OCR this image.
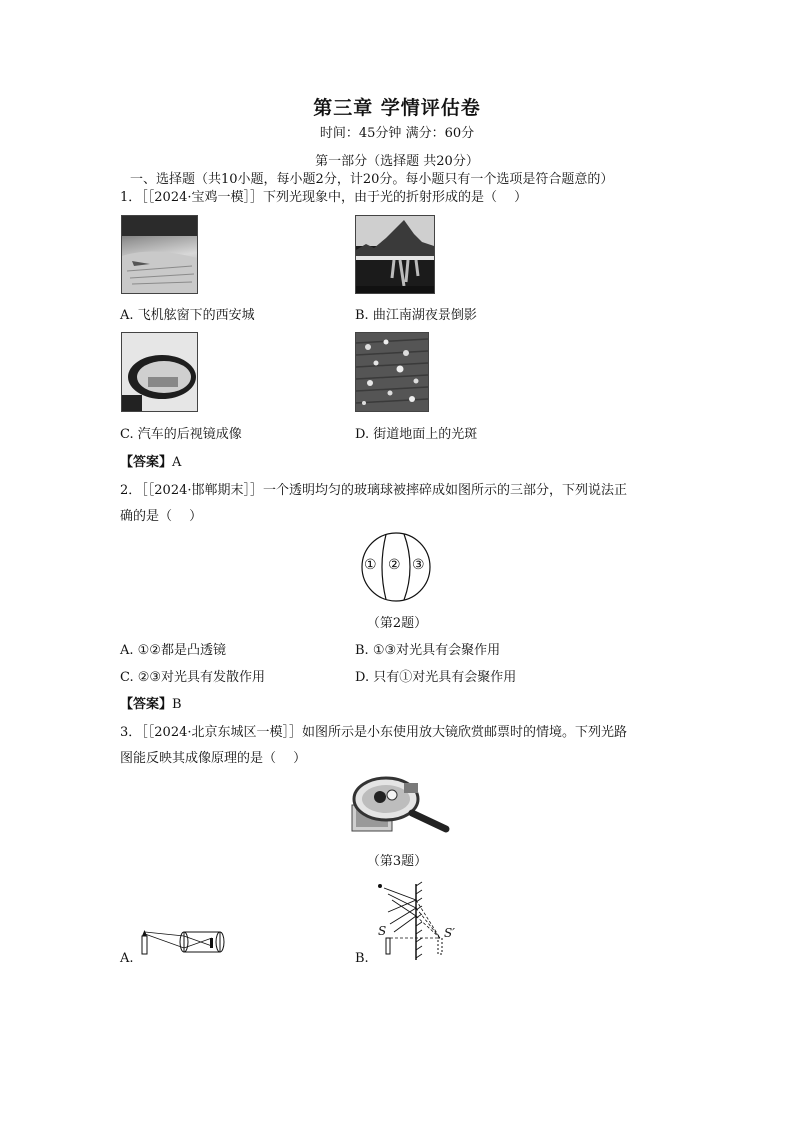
第三章 学情评估卷
时间：45分钟 满分：60分
第一部分（选择题 共20分）
一、选择题（共10小题，每小题2分，计20分。每小题只有一个选项是符合题意的）
1．［［2024·宝鸡一模］］下列光现象中，由于光的折射形成的是（　 ）
A. 飞机舷窗下的西安城	B. 曲江南湖夜景倒影
C. 汽车的后视镜成像	D. 街道地面上的光斑
【答案】A
2．［［2024·邯郸期末］］一个透明均匀的玻璃球被摔碎成如图所示的三部分，下列说法正
确的是（　 ）
① ② ③
（第2题）
A. ①②都是凸透镜	B. ①③对光具有会聚作用
C. ②③对光具有发散作用	D. 只有①对光具有会聚作用
【答案】B
3．［［2024·北京东城区一模］］如图所示是小东使用放大镜欣赏邮票时的情境。下列光路
图能反映其成像原理的是（　 ）
（第3题）
A.
S	S′
B.
